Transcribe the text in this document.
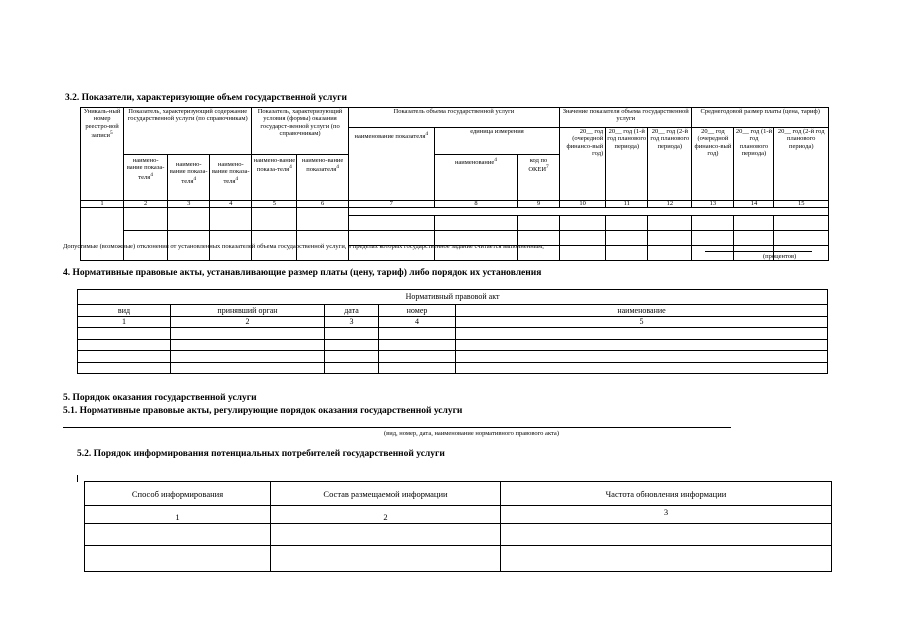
3.2. Показатели, характеризующие объем государственной услуги
Уникаль-ный номер реестро-вой записи$^5$	Показатель, характеризующий содержание государственной услуги (по справочникам)			Показатель, характеризующий условия (формы) оказания государст-венной услуги (по справочникам)		Показатель объема государственной услуги			Значение показателя объема государственной услуги			Среднегодовой размер платы (цена, тариф)		
						наименование показателя$^4$	единица измерения		20__ год (очередной финансо-вый год)	20__ год (1-й год планового периода)	20__ год (2-й год планового периода)	20__ год (очередной финансо-вый год)	20__ год (1-й год планового периода)	20__ год (2-й год планового периода)
	наимено-вание показа-теля$^4$	наимено-вание показа-теля$^4$	наимено-вание показа-теля$^4$	наимено-вание показа-теля$^4$	наимено-вание показателя$^4$		наименование$^4$	код по ОКЕИ$^7$
1	2	3	4	5	6	7	8	9	10	11	12	13	14	15

Допустимые (возможные) отклонения от установленных показателей объема государственной услуги, в пределах которых государственное задание считается выполненным,
(процентов)
4. Нормативные правовые акты, устанавливающие размер платы (цену, тариф) либо порядок их установления
Нормативный правовой акт				
вид	принявший орган	дата	номер	наименование
1	2	3	4	5

5. Порядок оказания государственной услуги
5.1. Нормативные правовые акты, регулирующие порядок оказания государственной услуги
(вид, номер, дата, наименование нормативного правового акта)
5.2. Порядок информирования потенциальных потребителей государственной услуги
Способ информирования	Состав размещаемой информации	Частота обновления информации
1	2	3
